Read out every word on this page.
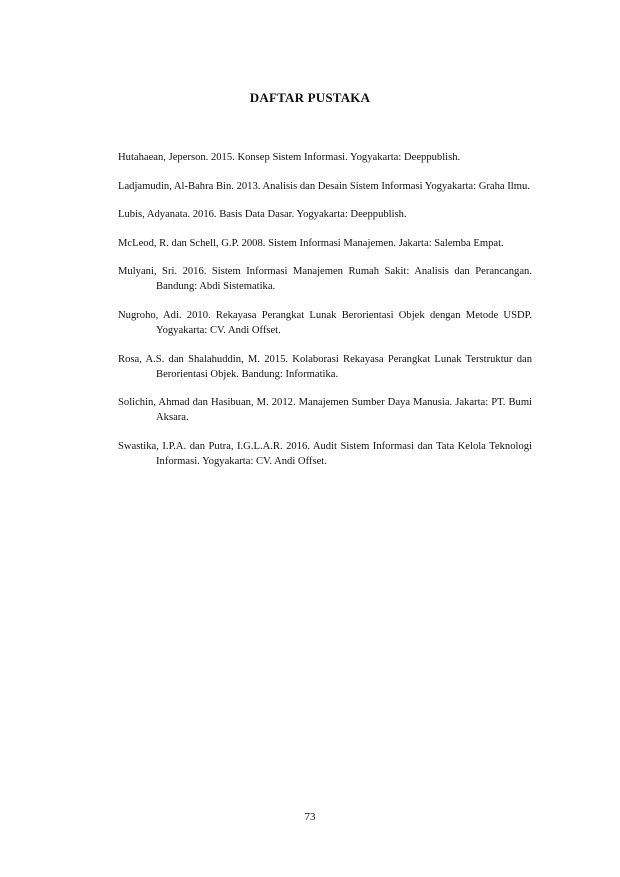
DAFTAR PUSTAKA
Hutahaean, Jeperson. 2015. Konsep Sistem Informasi. Yogyakarta: Deeppublish.
Ladjamudin, Al-Bahra Bin. 2013. Analisis dan Desain Sistem Informasi Yogyakarta: Graha Ilmu.
Lubis, Adyanata. 2016. Basis Data Dasar. Yogyakarta: Deeppublish.
McLeod, R. dan Schell, G.P. 2008. Sistem Informasi Manajemen. Jakarta: Salemba Empat.
Mulyani, Sri. 2016. Sistem Informasi Manajemen Rumah Sakit: Analisis dan Perancangan. Bandung: Abdi Sistematika.
Nugroho, Adi. 2010. Rekayasa Perangkat Lunak Berorientasi Objek dengan Metode USDP. Yogyakarta: CV. Andi Offset.
Rosa, A.S. dan Shalahuddin, M. 2015. Kolaborasi Rekayasa Perangkat Lunak Terstruktur dan Berorientasi Objek. Bandung: Informatika.
Solichin, Ahmad dan Hasibuan, M. 2012. Manajemen Sumber Daya Manusia. Jakarta: PT. Bumi Aksara.
Swastika, I.P.A. dan Putra, I.G.L.A.R. 2016. Audit Sistem Informasi dan Tata Kelola Teknologi Informasi. Yogyakarta: CV. Andi Offset.
73
